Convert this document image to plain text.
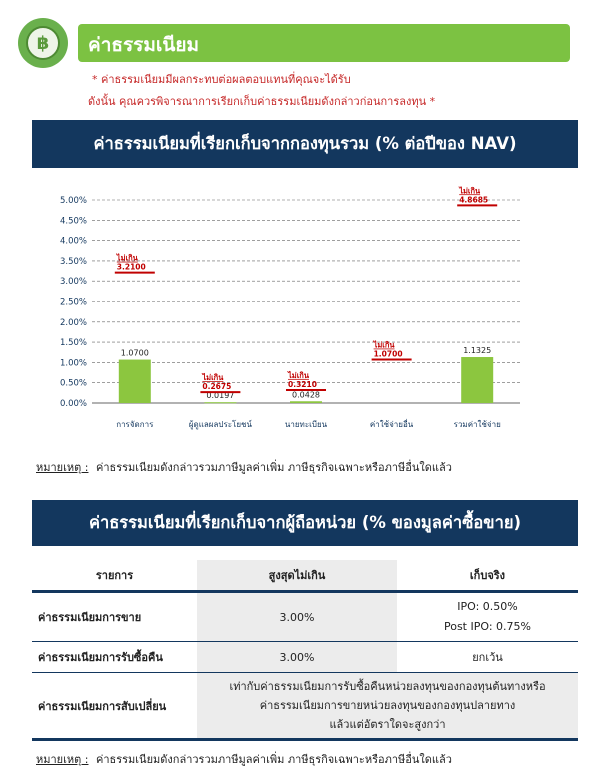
฿	ค่าธรรมเนียม
* ค่าธรรมเนียมมีผลกระทบต่อผลตอบแทนที่คุณจะได้รับ
ดังนั้น คุณควรพิจารณาการเรียกเก็บค่าธรรมเนียมดังกล่าวก่อนการลงทุน *
ค่าธรรมเนียมที่เรียกเก็บจากกองทุนรวม (% ต่อปีของ NAV)
0.00%
0.50%
1.00%
1.50%
2.00%
2.50%
3.00%
3.50%
4.00%
4.50%
5.00%
1.0700
ไม่เกิน
3.2100
การจัดการ
0.0197
ไม่เกิน
0.2675
ผู้ดูแลผลประโยชน์
0.0428
ไม่เกิน
0.3210
นายทะเบียน
ไม่เกิน
1.0700
ค่าใช้จ่ายอื่น
1.1325
ไม่เกิน
4.8685
รวมค่าใช้จ่าย
หมายเหตุ : ค่าธรรมเนียมดังกล่าวรวมภาษีมูลค่าเพิ่ม ภาษีธุรกิจเฉพาะหรือภาษีอื่นใดแล้ว
ค่าธรรมเนียมที่เรียกเก็บจากผู้ถือหน่วย (% ของมูลค่าซื้อขาย)
รายการ	สูงสุดไม่เกิน	เก็บจริง
ค่าธรรมเนียมการขาย	3.00%	IPO: 0.50%
Post IPO: 0.75%

ค่าธรรมเนียมการรับซื้อคืน	3.00%	ยกเว้น
ค่าธรรมเนียมการสับเปลี่ยน	เท่ากับค่าธรรมเนียมการรับซื้อคืนหน่วยลงทุนของกองทุนต้นทางหรือ
ค่าธรรมเนียมการขายหน่วยลงทุนของกองทุนปลายทาง
แล้วแต่อัตราใดจะสูงกว่า	
หมายเหตุ : ค่าธรรมเนียมดังกล่าวรวมภาษีมูลค่าเพิ่ม ภาษีธุรกิจเฉพาะหรือภาษีอื่นใดแล้ว
